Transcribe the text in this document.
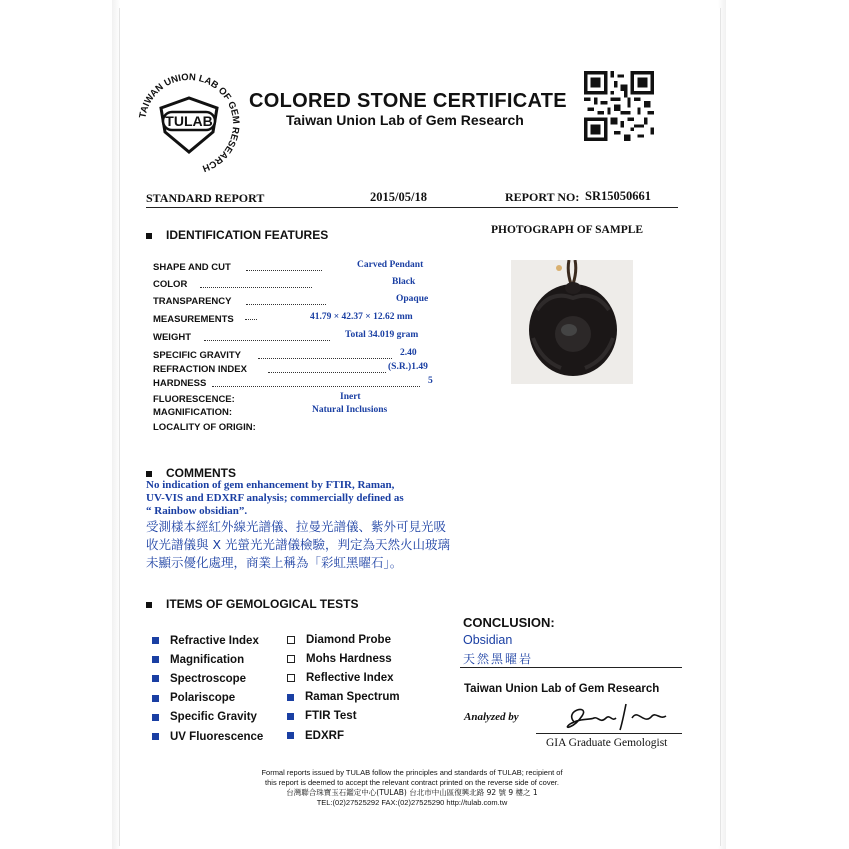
TAIWAN UNION LAB OF GEM RESEARCH
TULAB
COLORED STONE CERTIFICATE
Taiwan Union Lab of Gem Research
STANDARD REPORT	2015/05/18	REPORT NO: SR15050661
IDENTIFICATION FEATURES	PHOTOGRAPH OF SAMPLE
SHAPE AND CUT	Carved Pendant
COLOR	Black
TRANSPARENCY	Opaque
MEASUREMENTS	41.79 × 42.37 × 12.62 mm
WEIGHT	Total 34.019 gram
SPECIFIC GRAVITY	2.40
REFRACTION INDEX	(S.R.)1.49
HARDNESS	5
FLUORESCENCE:	Inert
MAGNIFICATION:	Natural Inclusions
LOCALITY OF ORIGIN:
COMMENTS
No indication of gem enhancement by FTIR, Raman,
UV-VIS and EDXRF analysis; commercially defined as
“ Rainbow obsidian”.
受測樣本經紅外線光譜儀、拉曼光譜儀、紫外可見光吸
收光譜儀與 X 光螢光光譜儀檢驗，判定為天然火山玻璃
未顯示優化處理，商業上稱為「彩虹黑曜石」。
ITEMS OF GEMOLOGICAL TESTS
Refractive Index
Magnification
Spectroscope
Polariscope
Specific Gravity
UV Fluorescence
Diamond Probe
Mohs Hardness
Reflective Index
Raman Spectrum
FTIR Test
EDXRF
CONCLUSION:
Obsidian
天然黑曜岩
Taiwan Union Lab of Gem Research
Analyzed by
GIA Graduate Gemologist
Formal reports issued by TULAB follow the principles and standards of TULAB; recipient of
this report is deemed to accept the relevant contract printed on the reverse side of cover.
台灣聯合珠寶玉石鑑定中心(TULAB) 台北市中山區復興北路 92 號 9 樓之 1
TEL:(02)27525292 FAX:(02)27525290 http://tulab.com.tw
